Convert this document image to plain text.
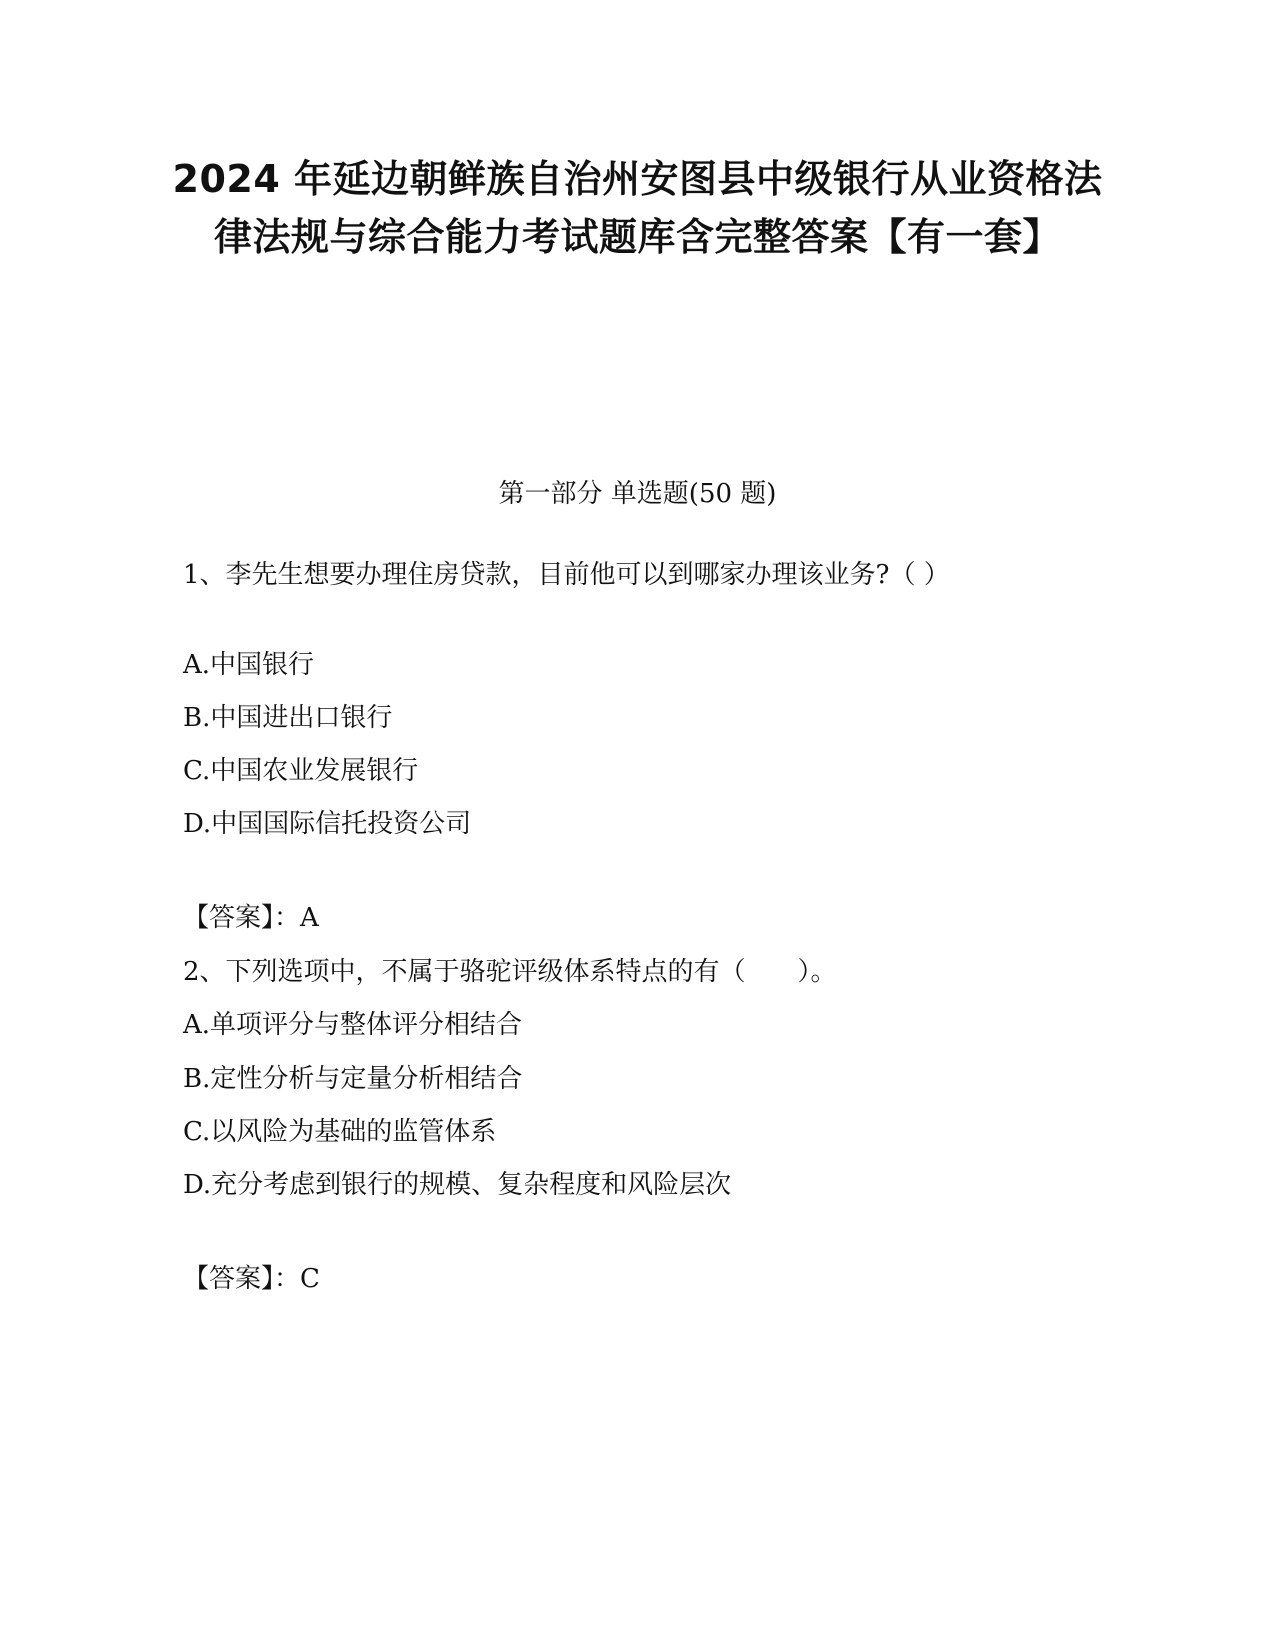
2024 年延边朝鲜族自治州安图县中级银行从业资格法律法规与综合能力考试题库含完整答案【有一套】
第一部分 单选题(50 题)
1、李先生想要办理住房贷款，目前他可以到哪家办理该业务?（ ）
A.中国银行
B.中国进出口银行
C.中国农业发展银行
D.中国国际信托投资公司
【答案】：A
2、下列选项中，不属于骆驼评级体系特点的有（　　）。
A.单项评分与整体评分相结合
B.定性分析与定量分析相结合
C.以风险为基础的监管体系
D.充分考虑到银行的规模、复杂程度和风险层次
【答案】：C
